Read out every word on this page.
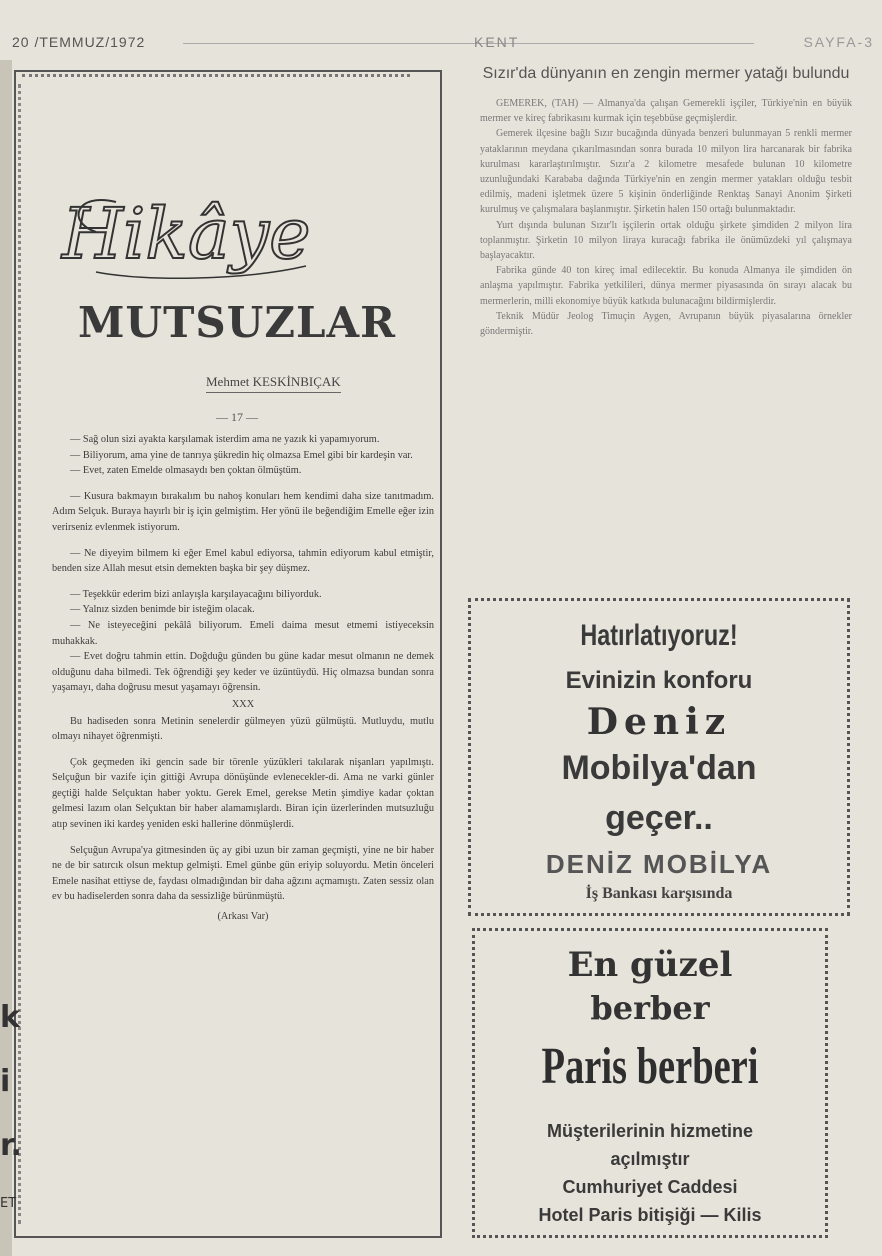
20 /TEMMUZ/1972	KENT	SAYFA-3
Hikâye
MUTSUZLAR
Mehmet KESKİNBIÇAK
— 17 —

— Sağ olun sizi ayakta karşılamak isterdim ama ne yazık ki yapamıyorum.

— Biliyorum, ama yine de tanrıya şükredin hiç olmazsa Emel gibi bir kardeşin var.

— Evet, zaten Emelde olmasaydı ben çoktan ölmüştüm.

— Kusura bakmayın bırakalım bu nahoş konuları hem kendimi daha size tanıtmadım. Adım Selçuk. Buraya hayırlı bir iş için gelmiştim. Her yönü ile beğendiğim Emelle eğer izin verirseniz evlenmek istiyorum.

— Ne diyeyim bilmem ki eğer Emel kabul ediyorsa, tahmin ediyorum kabul etmiştir, benden size Allah mesut etsin demekten başka bir şey düşmez.

— Teşekkür ederim bizi anlayışla karşılayacağını biliyorduk.

— Yalnız sizden benimde bir isteğim olacak.

— Ne isteyeceğini pekâlâ biliyorum. Emeli daima mesut etmemi istiyeceksin muhakkak.

— Evet doğru tahmin ettin. Doğduğu günden bu güne kadar mesut olmanın ne demek olduğunu daha bilmedi. Tek öğrendiği şey keder ve üzüntüydü. Hiç olmazsa bundan sonra yaşamayı, daha doğrusu mesut yaşamayı öğrensin.

XXX

Bu hadiseden sonra Metinin senelerdir gülmeyen yüzü gülmüştü. Mutluydu, mutlu olmayı nihayet öğrenmişti.

Çok geçmeden iki gencin sade bir törenle yüzükleri takılarak nişanları yapılmıştı. Selçuğun bir vazife için gittiği Avrupa dönüşünde evlenecekler-di. Ama ne varki günler geçtiği halde Selçuktan haber yoktu. Gerek Emel, gerekse Metin şimdiye kadar çoktan gelmesi lazım olan Selçuktan bir haber alamamışlardı. Biran için üzerlerinden mutsuzluğu atıp sevinen iki kardeş yeniden eski hallerine dönmüşlerdi.

Selçuğun Avrupa'ya gitmesinden üç ay gibi uzun bir zaman geçmişti, yine ne bir haber ne de bir satırcık olsun mektup gelmişti. Emel günbe gün eriyip soluyordu. Metin önceleri Emele nasihat ettiyse de, faydası olmadığından bir daha ağzını açmamıştı. Zaten sessiz olan ev bu hadiselerden sonra daha da sessizliğe bürünmüştü.

(Arkası Var)

Sızır'da dünyanın en zengin mermer yatağı bulundu

GEMEREK, (TAH) — Almanya'da çalışan Gemerekli işçiler, Türkiye'nin en büyük mermer ve kireç fabrikasını kurmak için teşebbüse geçmişlerdir.

Gemerek ilçesine bağlı Sızır bucağında dünyada benzeri bulunmayan 5 renkli mermer yataklarının meydana çıkarılmasından sonra burada 10 milyon lira harcanarak bir fabrika kurulması kararlaştırılmıştır. Sızır'a 2 kilometre mesafede bulunan 10 kilometre uzunluğundaki Karababa dağında Türkiye'nin en zengin mermer yatakları olduğu tesbit edilmiş, madeni işletmek üzere 5 kişinin önderliğinde Renktaş Sanayi Anonim Şirketi kurulmuş ve çalışmalara başlanmıştır. Şirketin halen 150 ortağı bulunmaktadır.

Yurt dışında bulunan Sızır'lı işçilerin ortak olduğu şirkete şimdiden 2 milyon lira toplanmıştır. Şirketin 10 milyon liraya kuracağı fabrika ile önümüzdeki yıl çalışmaya başlayacaktır.

Fabrika günde 40 ton kireç imal edilecektir. Bu konuda Almanya ile şimdiden ön anlaşma yapılmıştır. Fabrika yetkilileri, dünya mermer piyasasında ön sırayı alacak bu mermerlerin, milli ekonomiye büyük katkıda bulunacağını bildirmişlerdir.

Teknik Müdür Jeolog Timuçin Aygen, Avrupanın büyük piyasalarına örnekler göndermiştir.

Hatırlatıyoruz!
Evinizin konforu
Deniz
Mobilya'dan
geçer..
DENİZ MOBİLYA
İş Bankası karşısında
En güzel
berber
Paris berberi
Müşterilerinin hizmetine
açılmıştır
Cumhuriyet Caddesi
Hotel Paris bitişiği — Kilis
k
i
r.
ET
